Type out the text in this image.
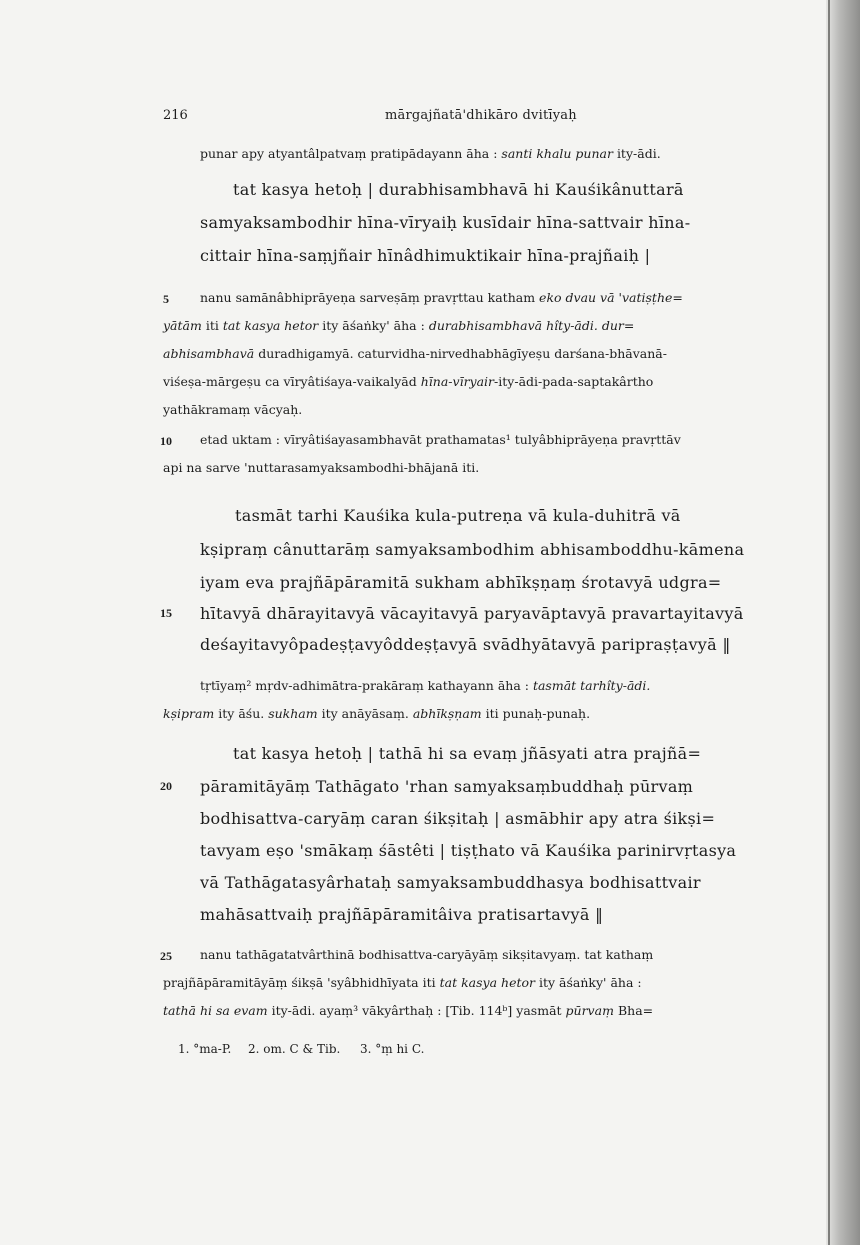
216	mārgajñatā'dhikāro dvitīyaḥ
punar apy atyantâlpatvaṃ pratipādayann āha : santi khalu punar ity-ādi.
tat kasya hetoḥ | durabhisambhavā hi Kauśikânuttarā
samyaksambodhir hīna-vīryaiḥ kusīdair hīna-sattvair hīna-
cittair hīna-saṃjñair hīnâdhimuktikair hīna-prajñaiḥ |
5 nanu samānâbhiprāyeṇa sarveṣāṃ pravṛttau katham eko dvau vā 'vatiṣṭhe=
yātām iti tat kasya hetor ity āśaṅky' āha : durabhisambhavā hîty-ādi. dur=
abhisambhavā duradhigamyā. caturvidha-nirvedhabhāgīyeṣu darśana-bhāvanā-
viśeṣa-mārgeṣu ca vīryâtiśaya-vaikalyād hīna-vīryair-ity-ādi-pada-saptakârtho
yathākramaṃ vācyaḥ.
10 etad uktam : vīryâtiśayasambhavāt prathamatas¹ tulyâbhiprāyeṇa pravṛttāv
api na sarve 'nuttarasamyaksambodhi-bhājanā iti.
tasmāt tarhi Kauśika kula-putreṇa vā kula-duhitrā vā
kṣipraṃ cânuttarāṃ samyaksambodhim abhisamboddhu-kāmena
iyam eva prajñāpāramitā sukham abhīkṣṇaṃ śrotavyā udgra=
15 hītavyā dhārayitavyā vācayitavyā paryavāptavyā pravartayitavyā
deśayitavyôpadeṣṭavyôddeṣṭavyā svādhyātavyā paripraṣṭavyā ‖
tṛtīyaṃ² mṛdv-adhimātra-prakāraṃ kathayann āha : tasmāt tarhîty-ādi.
kṣipram ity āśu. sukham ity anāyāsaṃ. abhīkṣṇam iti punaḥ-punaḥ.
tat kasya hetoḥ | tathā hi sa evaṃ jñāsyati atra prajñā=
20 pāramitāyāṃ Tathāgato 'rhan samyaksaṃbuddhaḥ pūrvaṃ
bodhisattva-caryāṃ caran śikṣitaḥ | asmābhir apy atra śikṣi=
tavyam eṣo 'smākaṃ śāstêti | tiṣṭhato vā Kauśika parinirvṛtasya
vā Tathāgatasyârhataḥ samyaksambuddhasya bodhisattvair
mahāsattvaiḥ prajñāpāramitâiva pratisartavyā ‖
25 nanu tathāgatatvârthinā bodhisattva-caryāyāṃ sikṣitavyaṃ. tat kathaṃ
prajñāpāramitāyāṃ śikṣā 'syâbhidhīyata iti tat kasya hetor ity āśaṅky' āha :
tathā hi sa evam ity-ādi. ayaṃ³ vākyârthaḥ : [Tib. 114ᵇ] yasmāt pūrvaṃ Bha=
1. °ma-P. 2. om. C & Tib. 3. °ṃ hi C.
